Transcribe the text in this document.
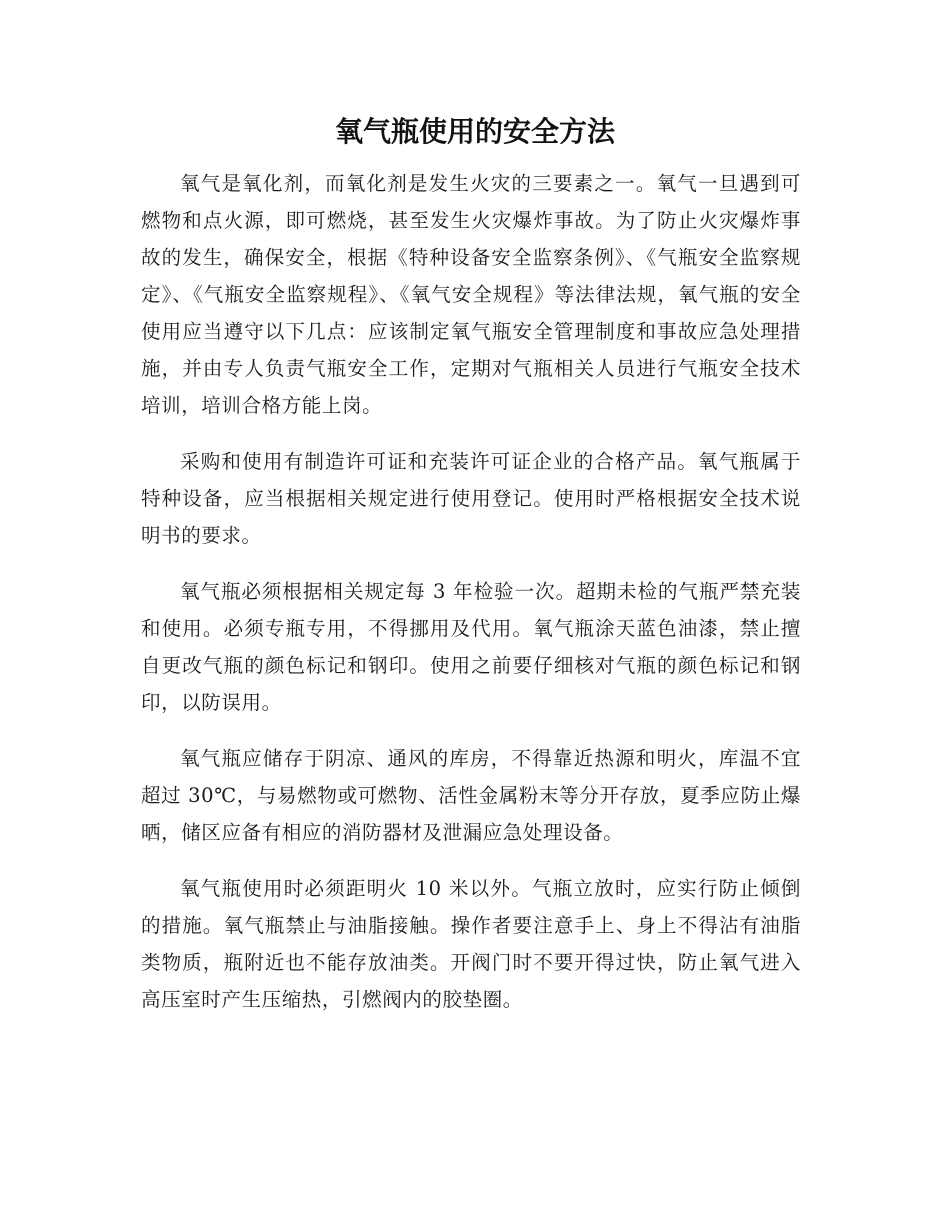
氧气瓶使用的安全方法

氧气是氧化剂，而氧化剂是发生火灾的三要素之一。氧气一旦遇到可燃物和点火源，即可燃烧，甚至发生火灾爆炸事故。为了防止火灾爆炸事故的发生，确保安全，根据《特种设备安全监察条例》、《气瓶安全监察规定》、《气瓶安全监察规程》、《氧气安全规程》等法律法规，氧气瓶的安全使用应当遵守以下几点：应该制定氧气瓶安全管理制度和事故应急处理措施，并由专人负责气瓶安全工作，定期对气瓶相关人员进行气瓶安全技术培训，培训合格方能上岗。

采购和使用有制造许可证和充装许可证企业的合格产品。氧气瓶属于特种设备，应当根据相关规定进行使用登记。使用时严格根据安全技术说明书的要求。

氧气瓶必须根据相关规定每 3 年检验一次。超期未检的气瓶严禁充装和使用。必须专瓶专用，不得挪用及代用。氧气瓶涂天蓝色油漆，禁止擅自更改气瓶的颜色标记和钢印。使用之前要仔细核对气瓶的颜色标记和钢印，以防误用。

氧气瓶应储存于阴凉、通风的库房，不得靠近热源和明火，库温不宜超过 30℃，与易燃物或可燃物、活性金属粉末等分开存放，夏季应防止爆晒，储区应备有相应的消防器材及泄漏应急处理设备。

氧气瓶使用时必须距明火 10 米以外。气瓶立放时，应实行防止倾倒的措施。氧气瓶禁止与油脂接触。操作者要注意手上、身上不得沾有油脂类物质，瓶附近也不能存放油类。开阀门时不要开得过快，防止氧气进入高压室时产生压缩热，引燃阀内的胶垫圈。
